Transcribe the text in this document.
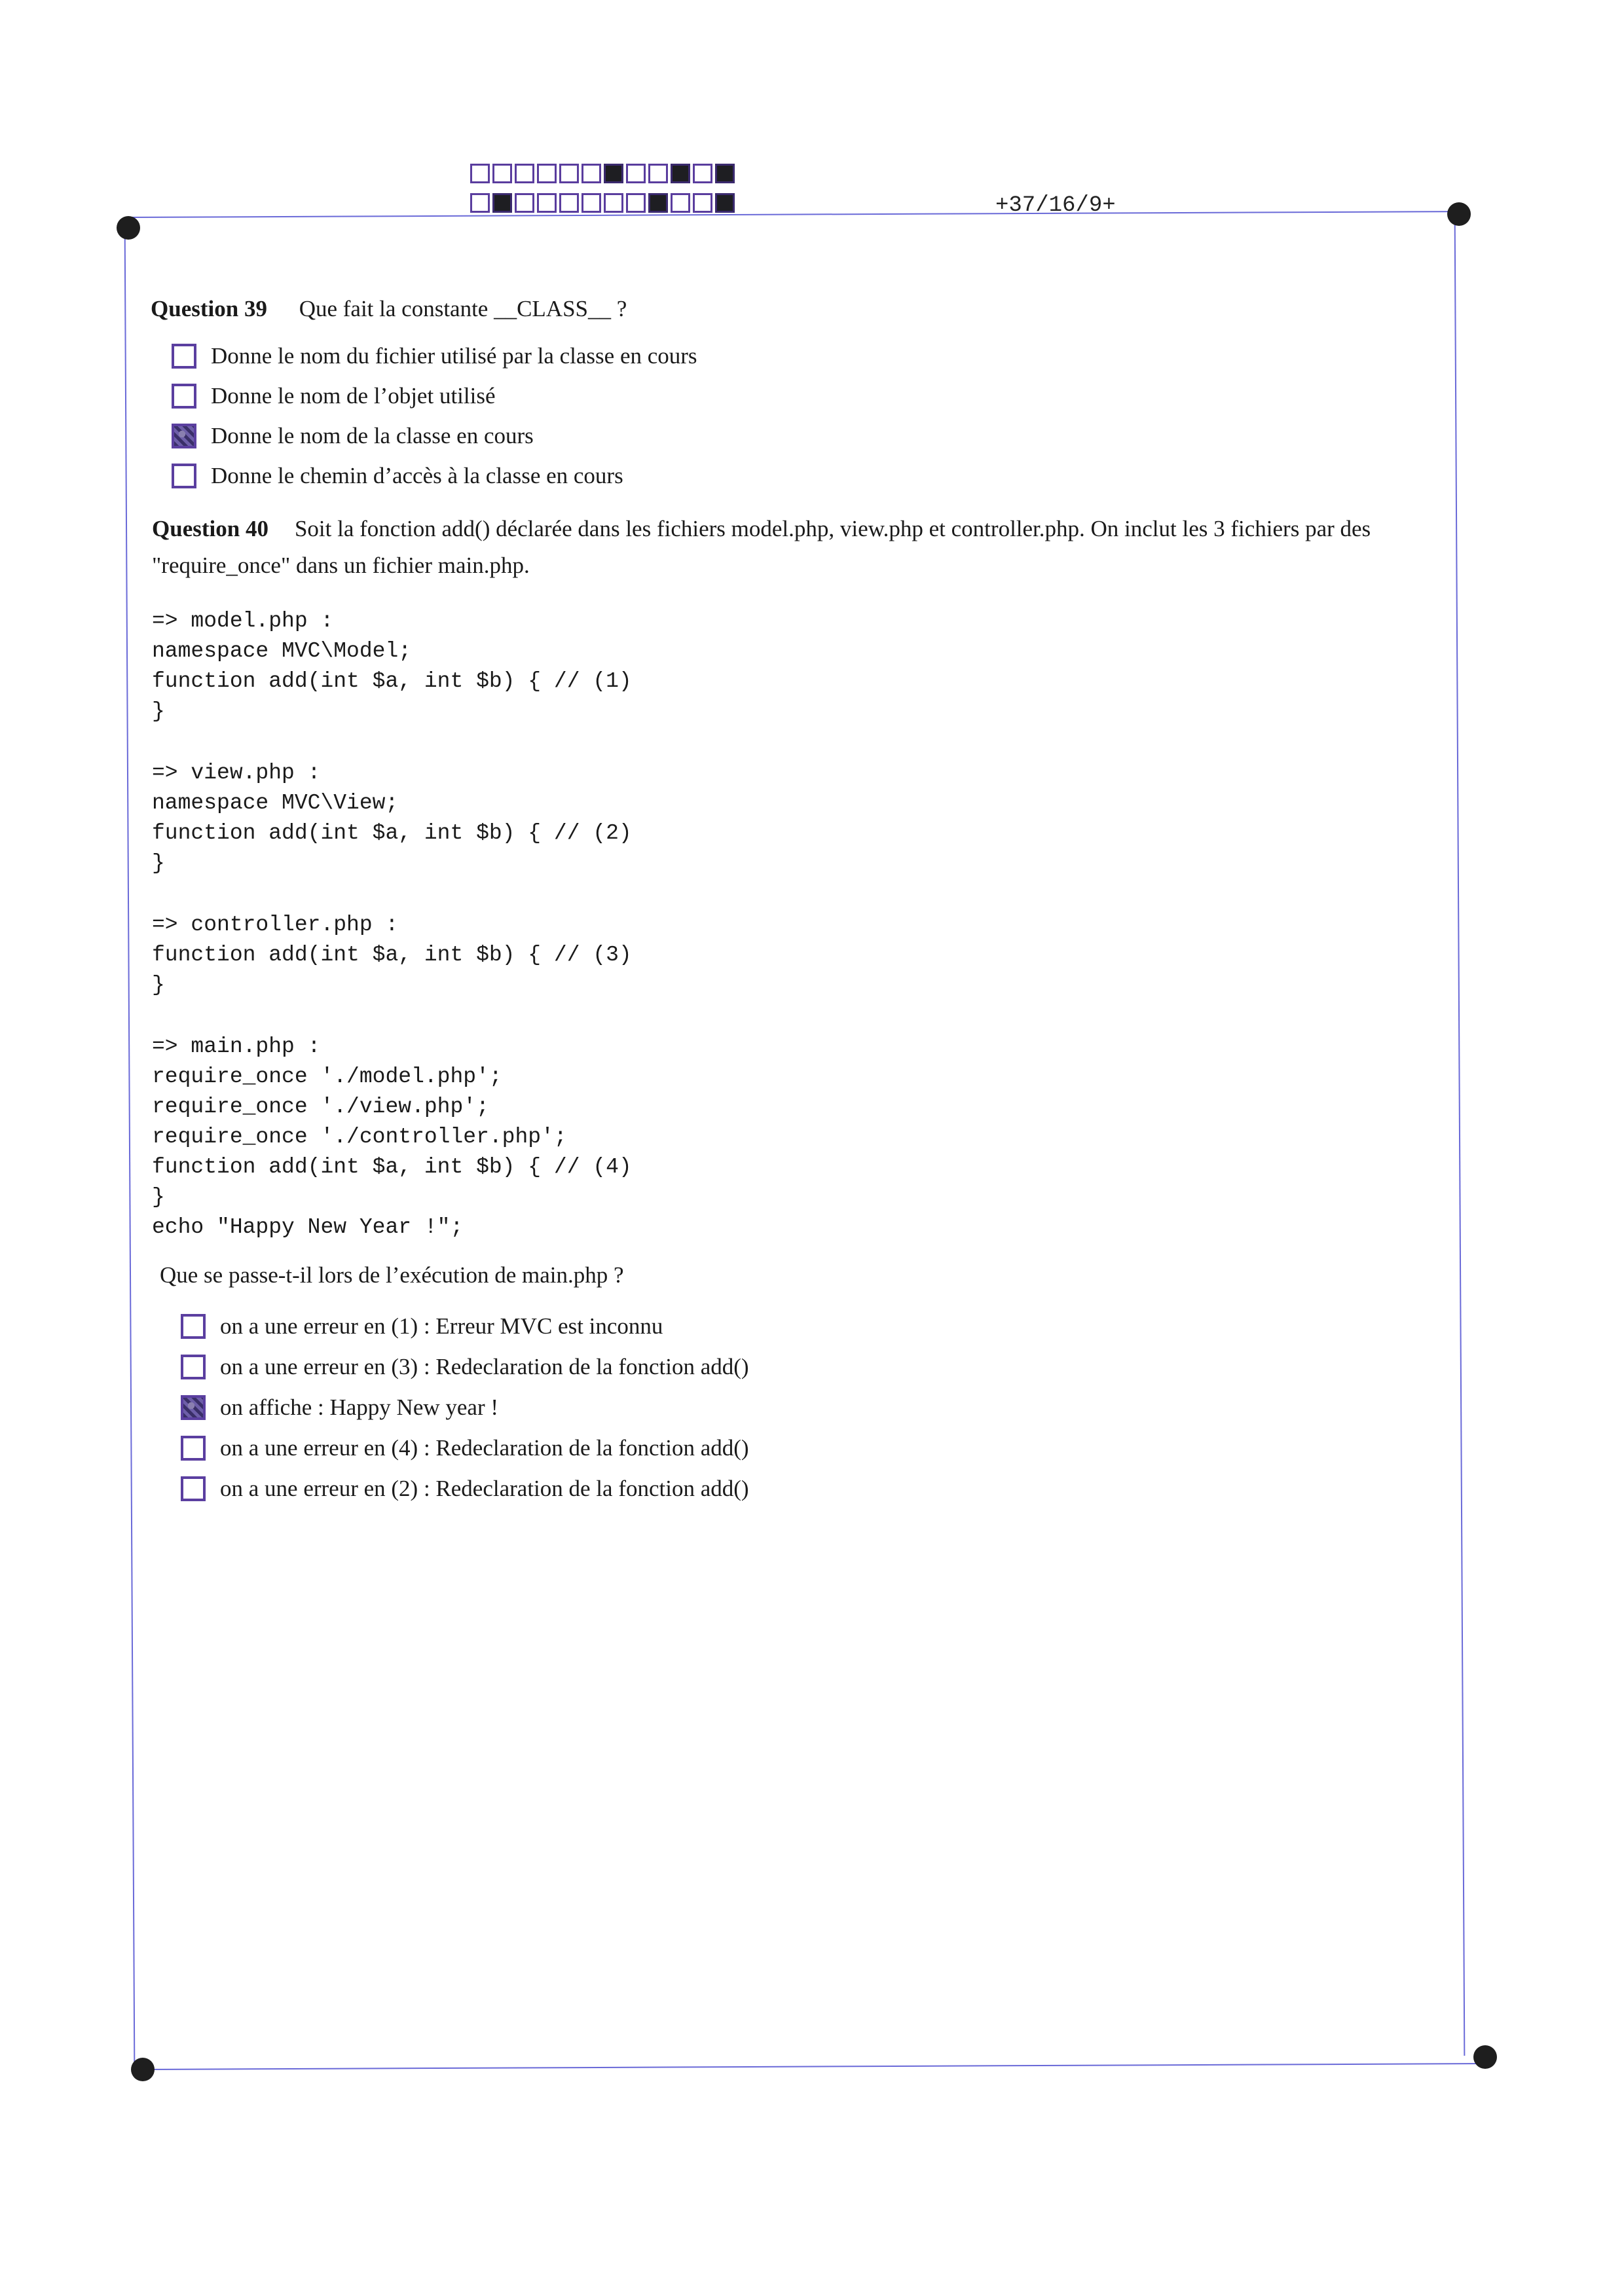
+37/16/9+
Question 39 Que fait la constante __CLASS__ ?
Donne le nom du fichier utilisé par la classe en cours
Donne le nom de l’objet utilisé
Donne le nom de la classe en cours
Donne le chemin d’accès à la classe en cours
Question 40 Soit la fonction add() déclarée dans les fichiers model.php, view.php et controller.php. On inclut les 3 fichiers par des "require_once" dans un fichier main.php.
=> model.php :
namespace MVC\Model;
function add(int $a, int $b) { // (1)
}
=> view.php :
namespace MVC\View;
function add(int $a, int $b) { // (2)
}
=> controller.php :
function add(int $a, int $b) { // (3)
}
=> main.php :
require_once './model.php';
require_once './view.php';
require_once './controller.php';
function add(int $a, int $b) { // (4)
}
echo "Happy New Year !";
Que se passe-t-il lors de l’exécution de main.php ?
on a une erreur en (1) : Erreur MVC est inconnu
on a une erreur en (3) : Redeclaration de la fonction add()
on affiche : Happy New year !
on a une erreur en (4) : Redeclaration de la fonction add()
on a une erreur en (2) : Redeclaration de la fonction add()
